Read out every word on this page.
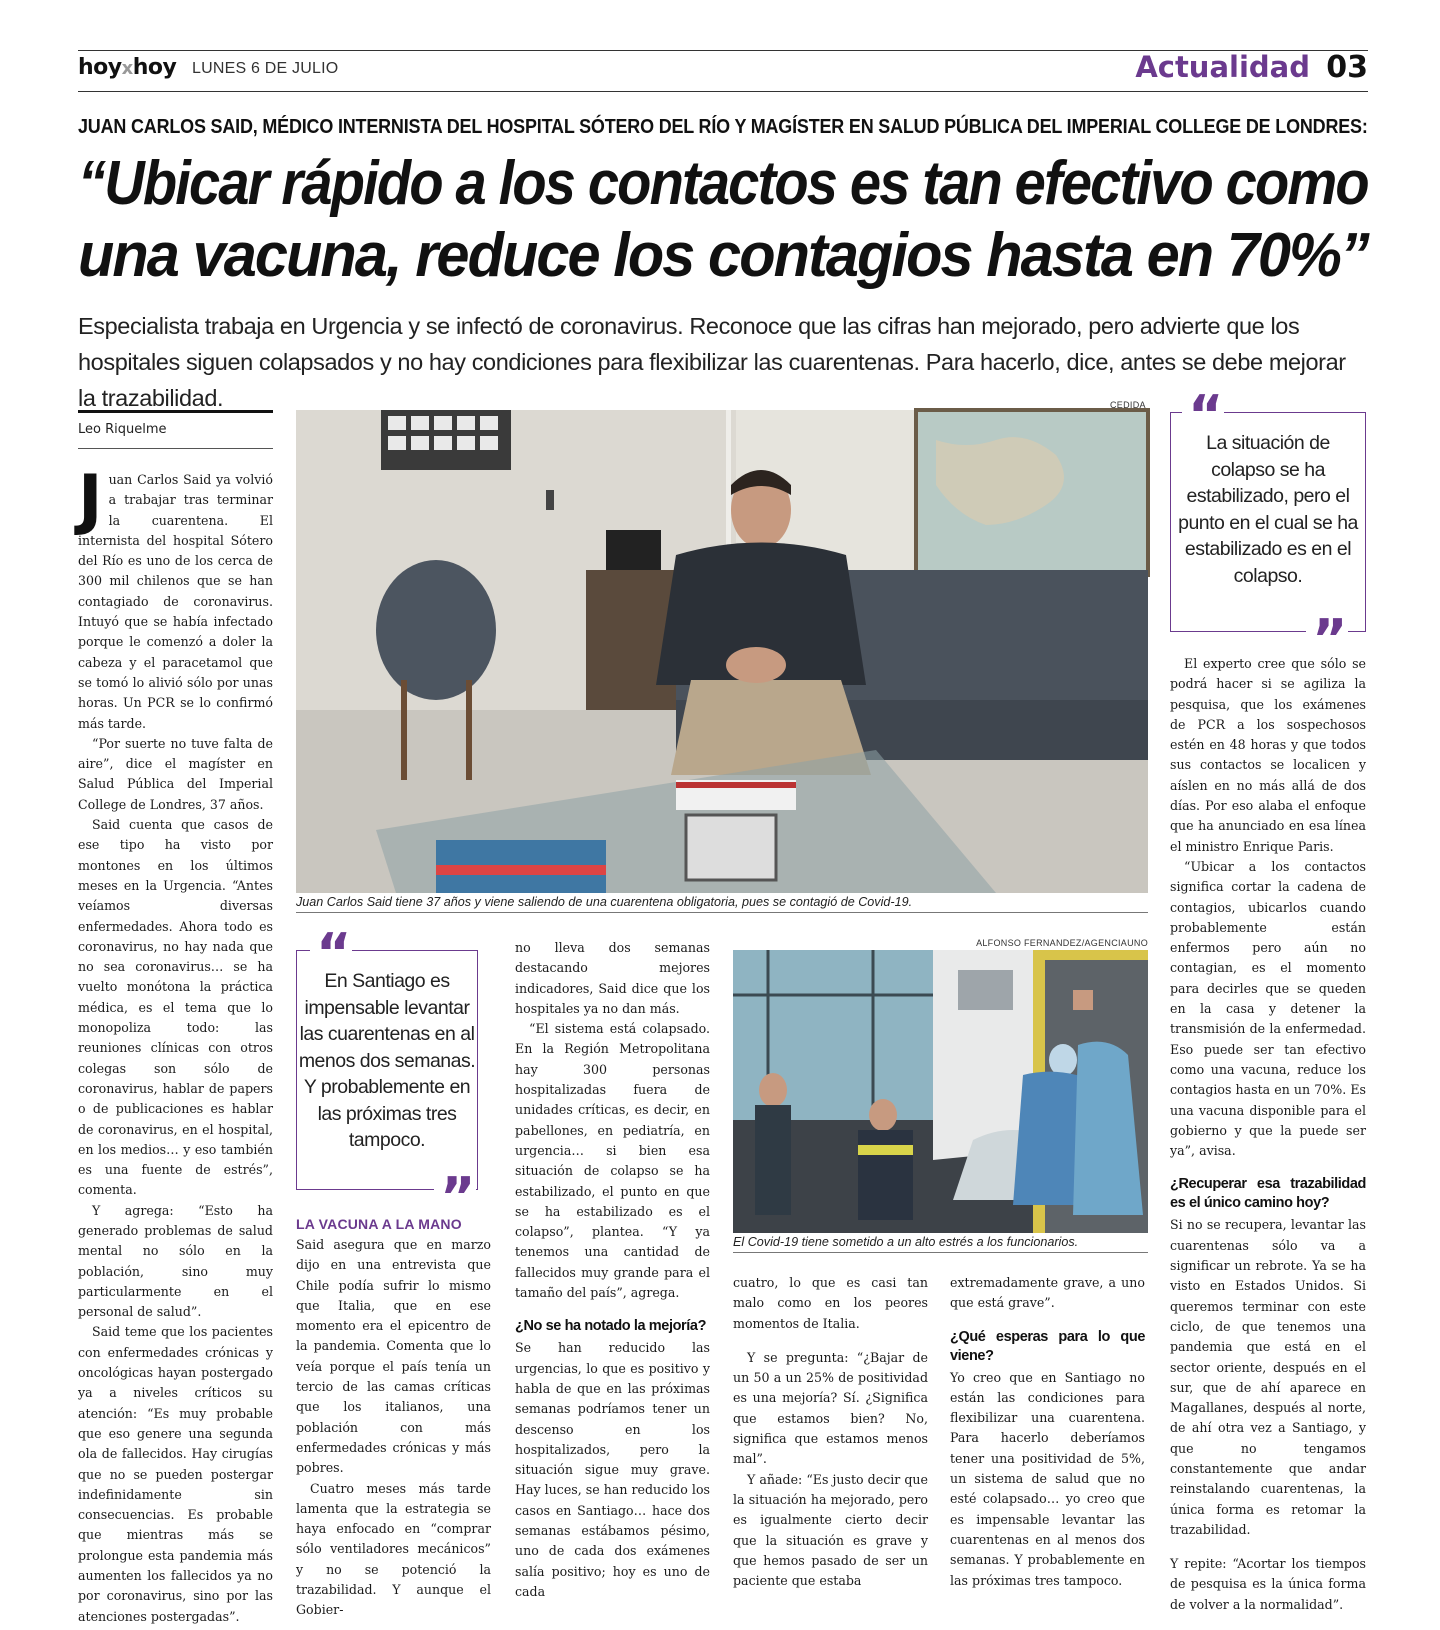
hoyxhoy LUNES 6 DE JULIO	Actualidad 03
JUAN CARLOS SAID, MÉDICO INTERNISTA DEL HOSPITAL SÓTERO DEL RÍO Y MAGÍSTER EN SALUD PÚBLICA DEL IMPERIAL COLLEGE DE LONDRES:
“Ubicar rápido a los contactos es tan efectivo como
una vacuna, reduce los contagios hasta en 70%”
Especialista trabaja en Urgencia y se infectó de coronavirus. Reconoce que las cifras han mejorado, pero advierte que los hospitales siguen colapsados y no hay condiciones para flexibilizar las cuarentenas. Para hacerlo, dice, antes se debe mejorar la trazabilidad.
Leo Riquelme
CEDIDA
Juan Carlos Said tiene 37 años y viene saliendo de una cuarentena obligatoria, pues se contagió de Covid-19.
ALFONSO FERNANDEZ/AGENCIAUNO
El Covid-19 tiene sometido a un alto estrés a los funcionarios.
“
”
La situación de colapso se ha estabilizado, pero el punto en el cual se ha estabilizado es en el colapso.
“
”
En Santiago es impensable levantar las cuarentenas en al menos dos semanas. Y probablemente en las próximas tres tampoco.

Juan Carlos Said ya volvió a trabajar tras terminar la cuarentena. El internista del hospital Sótero del Río es uno de los cerca de 300 mil chilenos que se han contagiado de coronavirus. Intuyó que se había infectado porque le comenzó a doler la cabeza y el paracetamol que se tomó lo alivió sólo por unas horas. Un PCR se lo confirmó más tarde.

“Por suerte no tuve falta de aire”, dice el magíster en Salud Pública del Imperial College de Londres, 37 años.

Said cuenta que casos de ese tipo ha visto por montones en los últimos meses en la Urgencia. “Antes veíamos diversas enfermedades. Ahora todo es coronavirus, no hay nada que no sea coronavirus… se ha vuelto monótona la práctica médica, es el tema que lo monopoliza todo: las reuniones clínicas con otros colegas son sólo de coronavirus, hablar de papers o de publicaciones es hablar de coronavirus, en el hospital, en los medios… y eso también es una fuente de estrés”, comenta.

Y agrega: “Esto ha generado problemas de salud mental no sólo en la población, sino muy particularmente en el personal de salud”.

Said teme que los pacientes con enfermedades crónicas y oncológicas hayan postergado ya a niveles críticos su atención: “Es muy probable que eso genere una segunda ola de fallecidos. Hay cirugías que no se pueden postergar indefinidamente sin consecuencias. Es probable que mientras más se prolongue esta pandemia más aumenten los fallecidos ya no por coronavirus, sino por las atenciones postergadas”.

LA VACUNA A LA MANO

Said asegura que en marzo dijo en una entrevista que Chile podía sufrir lo mismo que Italia, que en ese momento era el epicentro de la pandemia. Comenta que lo veía porque el país tenía un tercio de las camas críticas que los italianos, una población con más enfermedades crónicas y más pobres.

Cuatro meses más tarde lamenta que la estrategia se haya enfocado en “comprar sólo ventiladores mecánicos” y no se potenció la trazabilidad. Y aunque el Gobier-

no lleva dos semanas destacando mejores indicadores, Said dice que los hospitales ya no dan más.

“El sistema está colapsado. En la Región Metropolitana hay 300 personas hospitalizadas fuera de unidades críticas, es decir, en pabellones, en pediatría, en urgencia… si bien esa situación de colapso se ha estabilizado, el punto en que se ha estabilizado es el colapso”, plantea. “Y ya tenemos una cantidad de fallecidos muy grande para el tamaño del país”, agrega.

¿No se ha notado la mejoría?

Se han reducido las urgencias, lo que es positivo y habla de que en las próximas semanas podríamos tener un descenso en los hospitalizados, pero la situación sigue muy grave. Hay luces, se han reducido los casos en Santiago… hace dos semanas estábamos pésimo, uno de cada dos exámenes salía positivo; hoy es uno de cada

cuatro, lo que es casi tan malo como en los peores momentos de Italia.

Y se pregunta: “¿Bajar de un 50 a un 25% de positividad es una mejoría? Sí. ¿Significa que estamos bien? No, significa que estamos menos mal”.

Y añade: “Es justo decir que la situación ha mejorado, pero es igualmente cierto decir que la situación es grave y que hemos pasado de ser un paciente que estaba

extremadamente grave, a uno que está grave”.

¿Qué esperas para lo que viene?

Yo creo que en Santiago no están las condiciones para flexibilizar una cuarentena. Para hacerlo deberíamos tener una positividad de 5%, un sistema de salud que no esté colapsado… yo creo que es impensable levantar las cuarentenas en al menos dos semanas. Y probablemente en las próximas tres tampoco.

El experto cree que sólo se podrá hacer si se agiliza la pesquisa, que los exámenes de PCR a los sospechosos estén en 48 horas y que todos sus contactos se localicen y aíslen en no más allá de dos días. Por eso alaba el enfoque que ha anunciado en esa línea el ministro Enrique Paris.

“Ubicar a los contactos significa cortar la cadena de contagios, ubicarlos cuando probablemente están enfermos pero aún no contagian, es el momento para decirles que se queden en la casa y detener la transmisión de la enfermedad. Eso puede ser tan efectivo como una vacuna, reduce los contagios hasta en un 70%. Es una vacuna disponible para el gobierno y que la puede ser ya”, avisa.

¿Recuperar esa trazabilidad es el único camino hoy?

Si no se recupera, levantar las cuarentenas sólo va a significar un rebrote. Ya se ha visto en Estados Unidos. Si queremos terminar con este ciclo, de que tenemos una pandemia que está en el sector oriente, después en el sur, que de ahí aparece en Magallanes, después al norte, de ahí otra vez a Santiago, y que no tengamos constantemente que andar reinstalando cuarentenas, la única forma es retomar la trazabilidad.

Y repite: “Acortar los tiempos de pesquisa es la única forma de volver a la normalidad”.
